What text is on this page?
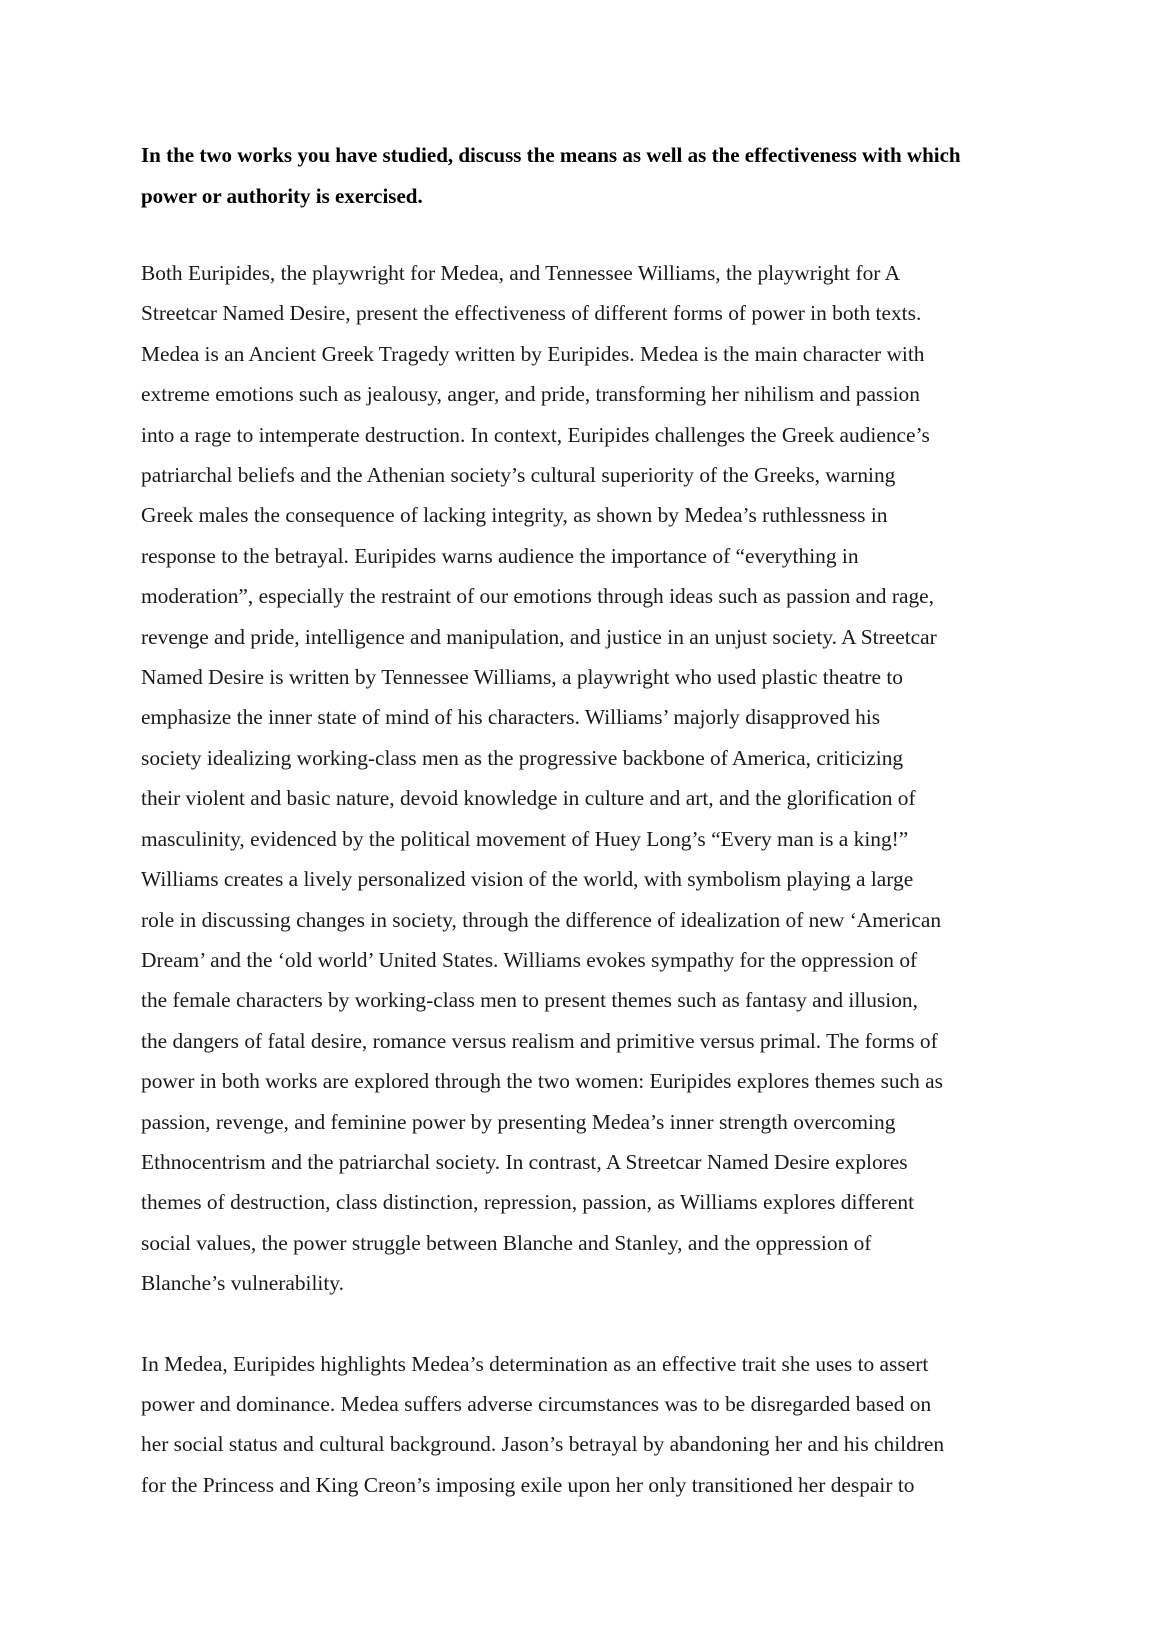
In the two works you have studied, discuss the means as well as the effectiveness with which
power or authority is exercised.

Both Euripides, the playwright for Medea, and Tennessee Williams, the playwright for A
Streetcar Named Desire, present the effectiveness of different forms of power in both texts.
Medea is an Ancient Greek Tragedy written by Euripides. Medea is the main character with
extreme emotions such as jealousy, anger, and pride, transforming her nihilism and passion
into a rage to intemperate destruction. In context, Euripides challenges the Greek audience’s
patriarchal beliefs and the Athenian society’s cultural superiority of the Greeks, warning
Greek males the consequence of lacking integrity, as shown by Medea’s ruthlessness in
response to the betrayal. Euripides warns audience the importance of “everything in
moderation”, especially the restraint of our emotions through ideas such as passion and rage,
revenge and pride, intelligence and manipulation, and justice in an unjust society. A Streetcar
Named Desire is written by Tennessee Williams, a playwright who used plastic theatre to
emphasize the inner state of mind of his characters. Williams’ majorly disapproved his
society idealizing working-class men as the progressive backbone of America, criticizing
their violent and basic nature, devoid knowledge in culture and art, and the glorification of
masculinity, evidenced by the political movement of Huey Long’s “Every man is a king!”
Williams creates a lively personalized vision of the world, with symbolism playing a large
role in discussing changes in society, through the difference of idealization of new ‘American
Dream’ and the ‘old world’ United States. Williams evokes sympathy for the oppression of
the female characters by working-class men to present themes such as fantasy and illusion,
the dangers of fatal desire, romance versus realism and primitive versus primal. The forms of
power in both works are explored through the two women: Euripides explores themes such as
passion, revenge, and feminine power by presenting Medea’s inner strength overcoming
Ethnocentrism and the patriarchal society. In contrast, A Streetcar Named Desire explores
themes of destruction, class distinction, repression, passion, as Williams explores different
social values, the power struggle between Blanche and Stanley, and the oppression of
Blanche’s vulnerability.

In Medea, Euripides highlights Medea’s determination as an effective trait she uses to assert
power and dominance. Medea suffers adverse circumstances was to be disregarded based on
her social status and cultural background. Jason’s betrayal by abandoning her and his children
for the Princess and King Creon’s imposing exile upon her only transitioned her despair to
